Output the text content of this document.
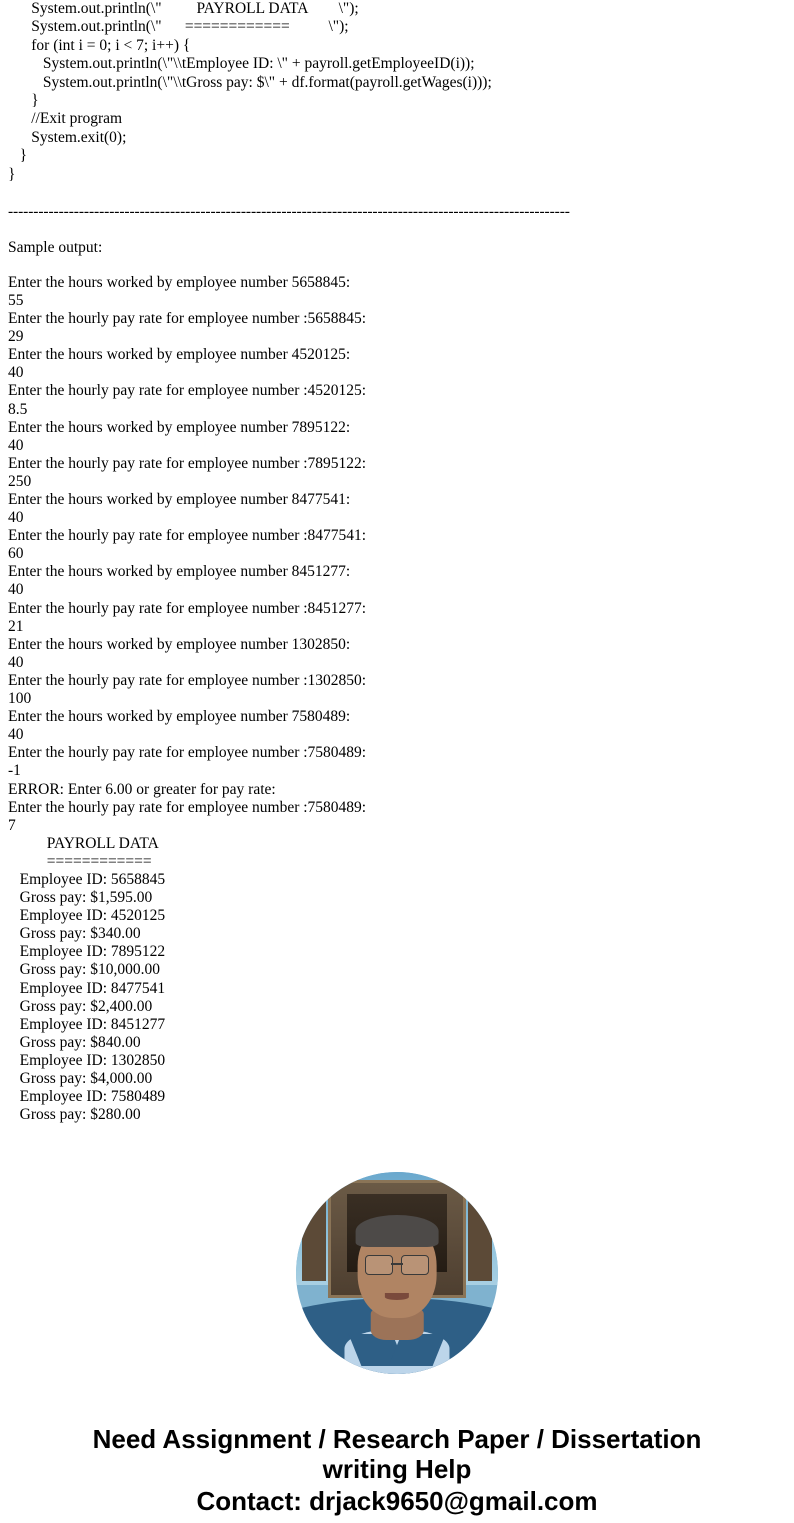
System.out.println(\"         PAYROLL DATA        \");
System.out.println(\"      ============          \");
for (int i = 0; i < 7; i++) {
System.out.println(\"\\tEmployee ID: \" + payroll.getEmployeeID(i));
System.out.println(\"\\tGross pay: $\" + df.format(payroll.getWages(i)));
}
//Exit program
System.exit(0);
}
}
---------------------------------------------------------------------------------------------------------------
Sample output:
Enter the hours worked by employee number 5658845:
55
Enter the hourly pay rate for employee number :5658845:
29
Enter the hours worked by employee number 4520125:
40
Enter the hourly pay rate for employee number :4520125:
8.5
Enter the hours worked by employee number 7895122:
40
Enter the hourly pay rate for employee number :7895122:
250
Enter the hours worked by employee number 8477541:
40
Enter the hourly pay rate for employee number :8477541:
60
Enter the hours worked by employee number 8451277:
40
Enter the hourly pay rate for employee number :8451277:
21
Enter the hours worked by employee number 1302850:
40
Enter the hourly pay rate for employee number :1302850:
100
Enter the hours worked by employee number 7580489:
40
Enter the hourly pay rate for employee number :7580489:
-1
ERROR: Enter 6.00 or greater for pay rate:
Enter the hourly pay rate for employee number :7580489:
7
PAYROLL DATA
============
Employee ID: 5658845
Gross pay: $1,595.00
Employee ID: 4520125
Gross pay: $340.00
Employee ID: 7895122
Gross pay: $10,000.00
Employee ID: 8477541
Gross pay: $2,400.00
Employee ID: 8451277
Gross pay: $840.00
Employee ID: 1302850
Gross pay: $4,000.00
Employee ID: 7580489
Gross pay: $280.00
Need Assignment / Research Paper / Dissertation
writing Help
Contact: drjack9650@gmail.com
